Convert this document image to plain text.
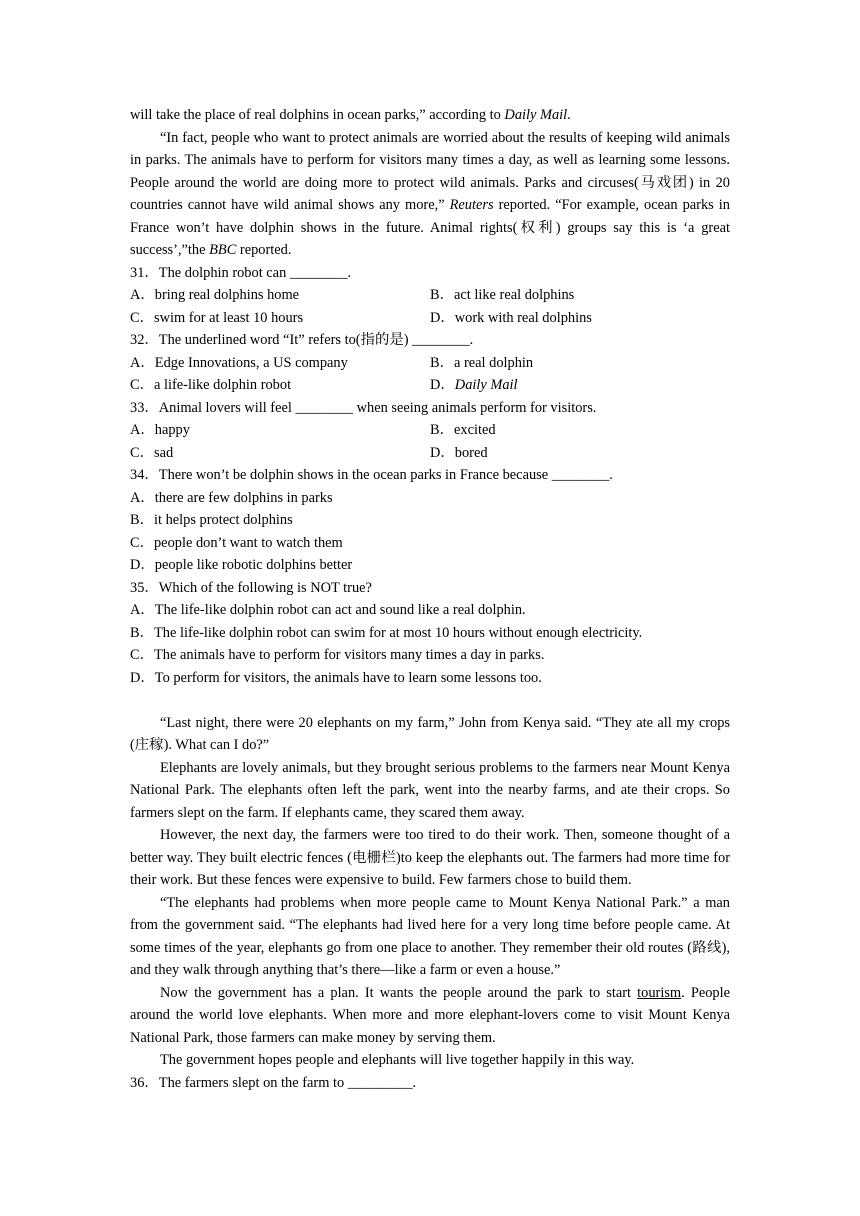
will take the place of real dolphins in ocean parks,” according to Daily Mail.

“In fact, people who want to protect animals are worried about the results of keeping wild animals in parks. The animals have to perform for visitors many times a day, as well as learning some lessons. People around the world are doing more to protect wild animals. Parks and circuses(马戏团) in 20 countries cannot have wild animal shows any more,” Reuters reported. “For example, ocean parks in France won’t have dolphin shows in the future. Animal rights(权利) groups say this is ‘a great success’,”the BBC reported.

31．The dolphin robot can ________.

A．bring real dolphins home	B．act like real dolphins
C．swim for at least 10 hours	D．work with real dolphins

32．The underlined word “It” refers to(指的是) ________.

A．Edge Innovations, a US company	B．a real dolphin
C．a life-like dolphin robot	D．Daily Mail

33．Animal lovers will feel ________ when seeing animals perform for visitors.

A．happy	B．excited
C．sad	D．bored

34．There won’t be dolphin shows in the ocean parks in France because ________.

A．there are few dolphins in parks

B．it helps protect dolphins

C．people don’t want to watch them

D．people like robotic dolphins better

35．Which of the following is NOT true?

A．The life-like dolphin robot can act and sound like a real dolphin.

B．The life-like dolphin robot can swim for at most 10 hours without enough electricity.

C．The animals have to perform for visitors many times a day in parks.

D．To perform for visitors, the animals have to learn some lessons too.

“Last night, there were 20 elephants on my farm,” John from Kenya said. “They ate all my crops (庄稼). What can I do?”

Elephants are lovely animals, but they brought serious problems to the farmers near Mount Kenya National Park. The elephants often left the park, went into the nearby farms, and ate their crops. So farmers slept on the farm. If elephants came, they scared them away.

However, the next day, the farmers were too tired to do their work. Then, someone thought of a better way. They built electric fences (电栅栏)to keep the elephants out. The farmers had more time for their work. But these fences were expensive to build. Few farmers chose to build them.

“The elephants had problems when more people came to Mount Kenya National Park.” a man from the government said. “The elephants had lived here for a very long time before people came. At some times of the year, elephants go from one place to another. They remember their old routes (路线), and they walk through anything that’s there—like a farm or even a house.”

Now the government has a plan. It wants the people around the park to start tourism. People around the world love elephants. When more and more elephant-lovers come to visit Mount Kenya National Park, those farmers can make money by serving them.

The government hopes people and elephants will live together happily in this way.

36．The farmers slept on the farm to _________.
